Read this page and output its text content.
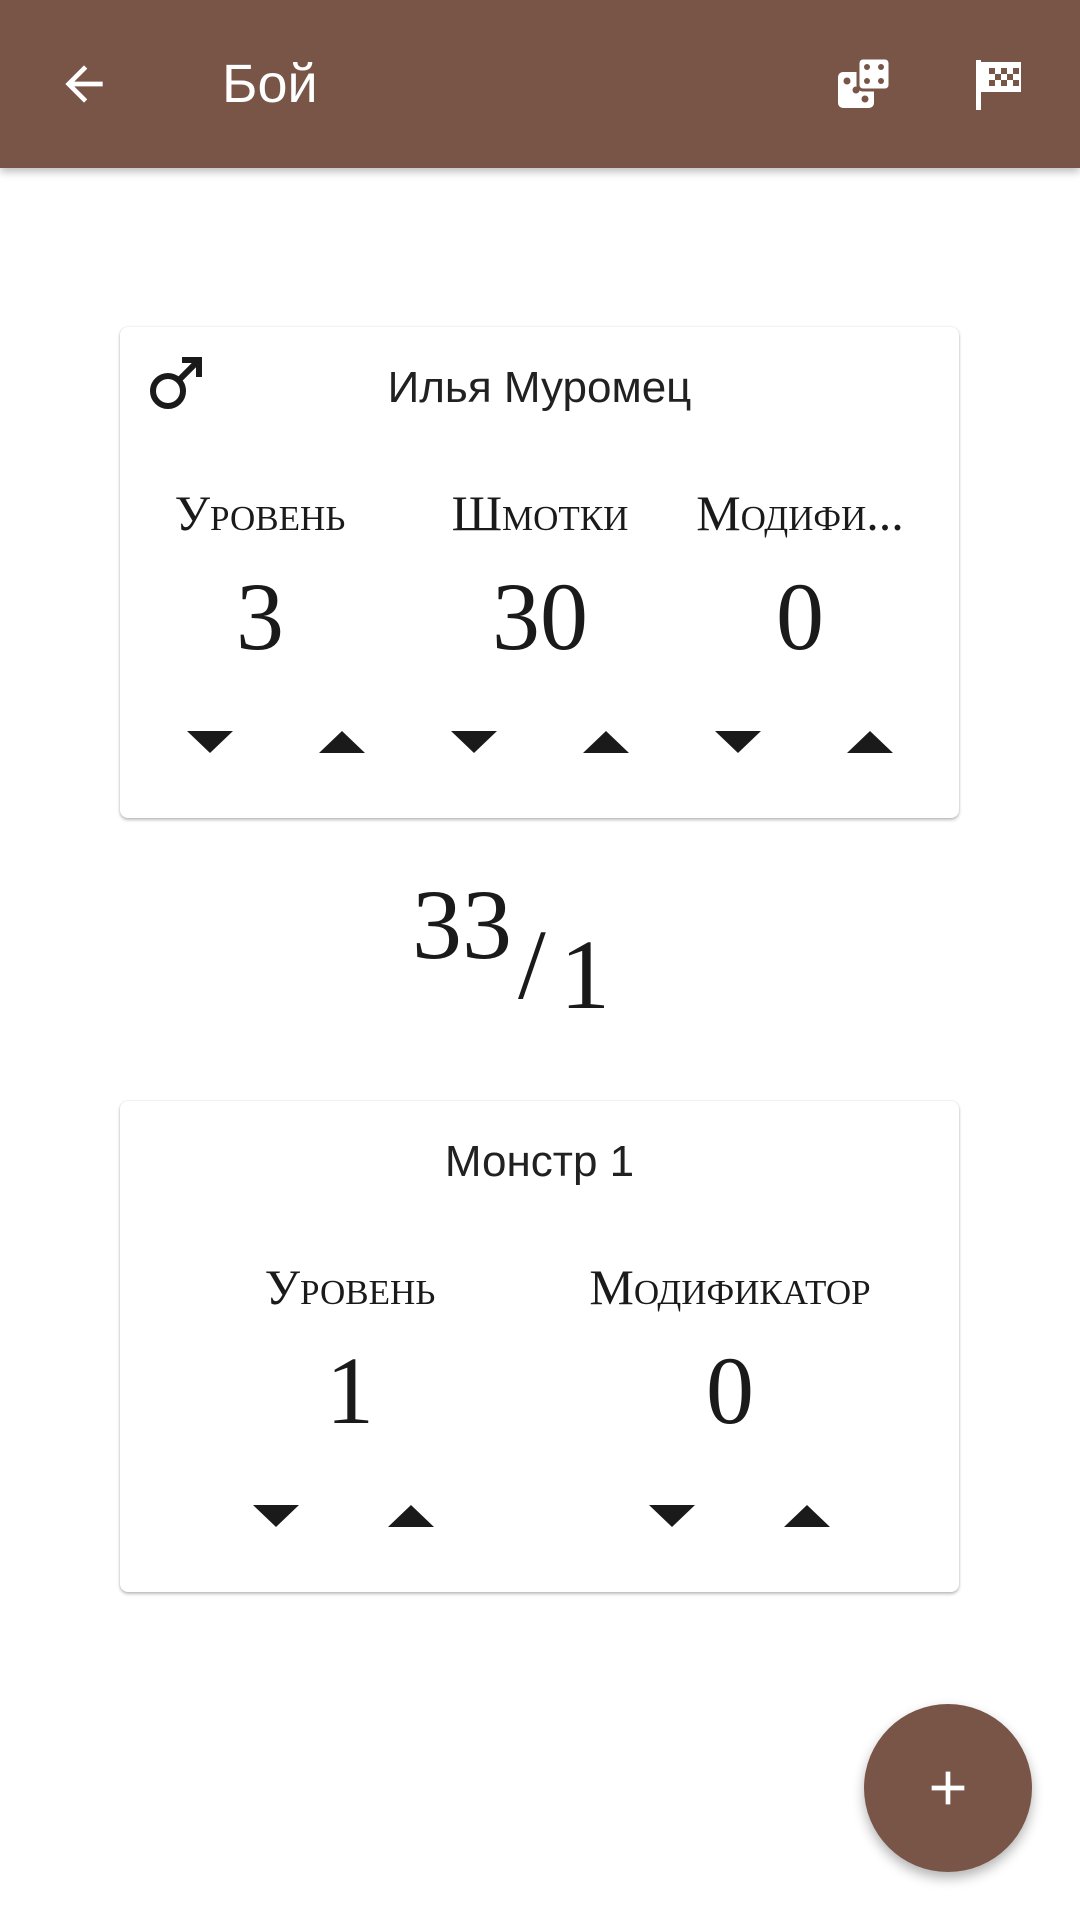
Бой
Илья Муромец
Уровень	Шмотки	Модифи...
3	30	0
33 / 1
Монстр 1
Уровень	Модификатор
1	0
